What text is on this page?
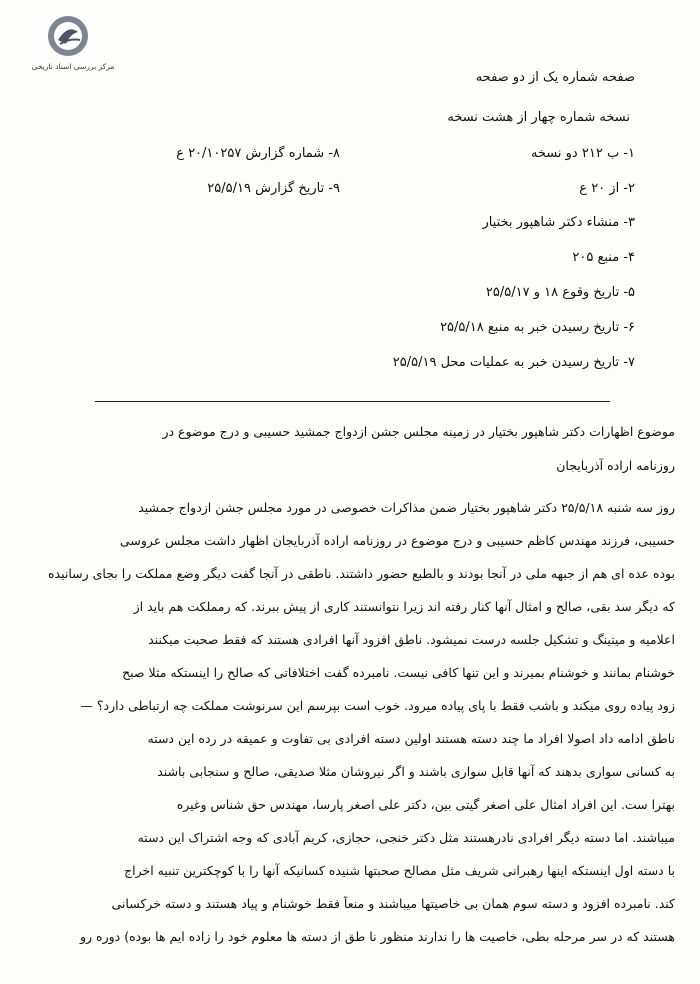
مرکز بررسی اسناد تاریخی
صفحه شماره یک از دو صفحه
نسخه شماره چهار از هشت نسخه
۱- ب ۲۱۲ دو نسخه
۲- از ۲۰ ع
۳- منشاء دکتر شاهپور بختیار
۴- منبع ۲۰۵
۵- تاریخ وقوع ۱۸ و ۲۵/۵/۱۷
۶- تاریخ رسیدن خبر به منبع ۲۵/۵/۱۸
۷- تاریخ رسیدن خبر به عملیات محل ۲۵/۵/۱۹
۸- شماره گزارش ۲۰/۱۰۲۵۷ ع
۹- تاریخ گزارش ۲۵/۵/۱۹
موضوع اظهارات دکتر شاهپور بختیار در زمینه مجلس جشن ازدواج جمشید حسیبی و درج موضوع در
روزنامه اراده آذربایجان
روز سه شنبه ۲۵/۵/۱۸ دکتر شاهپور بختیار ضمن مذاکرات خصوصی در مورد مجلس جشن ازدواج جمشید
حسیبی، فرزند مهندس کاظم حسیبی و درج موضوع در روزنامه اراده آذربایجان اظهار داشت مجلس عروسی
بوده عده ای هم از جبهه ملی در آنجا بودند و بالطبع حضور داشتند. ناطقی در آنجا گفت دیگر وضع مملکت را بجای رسانیده
که دیگر سد بقی، صالح و امثال آنها کنار رفته اند زیرا نتوانستند کاری از پیش ببرند. که رمملکت هم باید از
اعلامیه و میتینگ و تشکیل جلسه درست نمیشود. ناطق افزود آنها افرادی هستند که فقط صحبت میکنند
خوشنام بمانند و خوشنام بمیرند و این تنها کافی نیست. نامبرده گفت اختلافاتی که صالح را اینستکه مثلا صبح
زود پیاده روی میکند و باشب فقط با پای پیاده میرود. خوب است بپرسم این سرنوشت مملکت چه ارتباطی دارد؟ —
ناطق ادامه داد اصولا افراد ما چند دسته هستند اولین دسته افرادی بی تفاوت و عمیقه در رده این دسته
به کسانی سواری بدهند که آنها قابل سواری باشند و اگر نیروشان مثلا صدیقی، صالح و سنجابی باشند
بهترا ست. این افراد امثال علی اصغر گیتی بین، دکتر علی اصغر پارسا، مهندس حق شناس وغیره
میباشند. اما دسته دیگر افرادی نادرهستند مثل دکتر خنجی، حجازی، کریم آبادی که وجه اشتراک این دسته
با دسته اول اینستکه اینها رهبرانی شریف مثل مصالح صحبتها شنیده کسانیکه آنها را با کوچکترین تنبیه اخراج
کند. نامبرده افزود و دسته سوم همان بی خاصیتها میباشند و منعاً فقط خوشنام و پیاد هستند و دسته خرکسانی
هستند که در سر مرحله بطی، خاصیت ها را ندارند منظور نا طق از دسته ها معلوم خود را زاده ایم ها بوده) دوره رو
